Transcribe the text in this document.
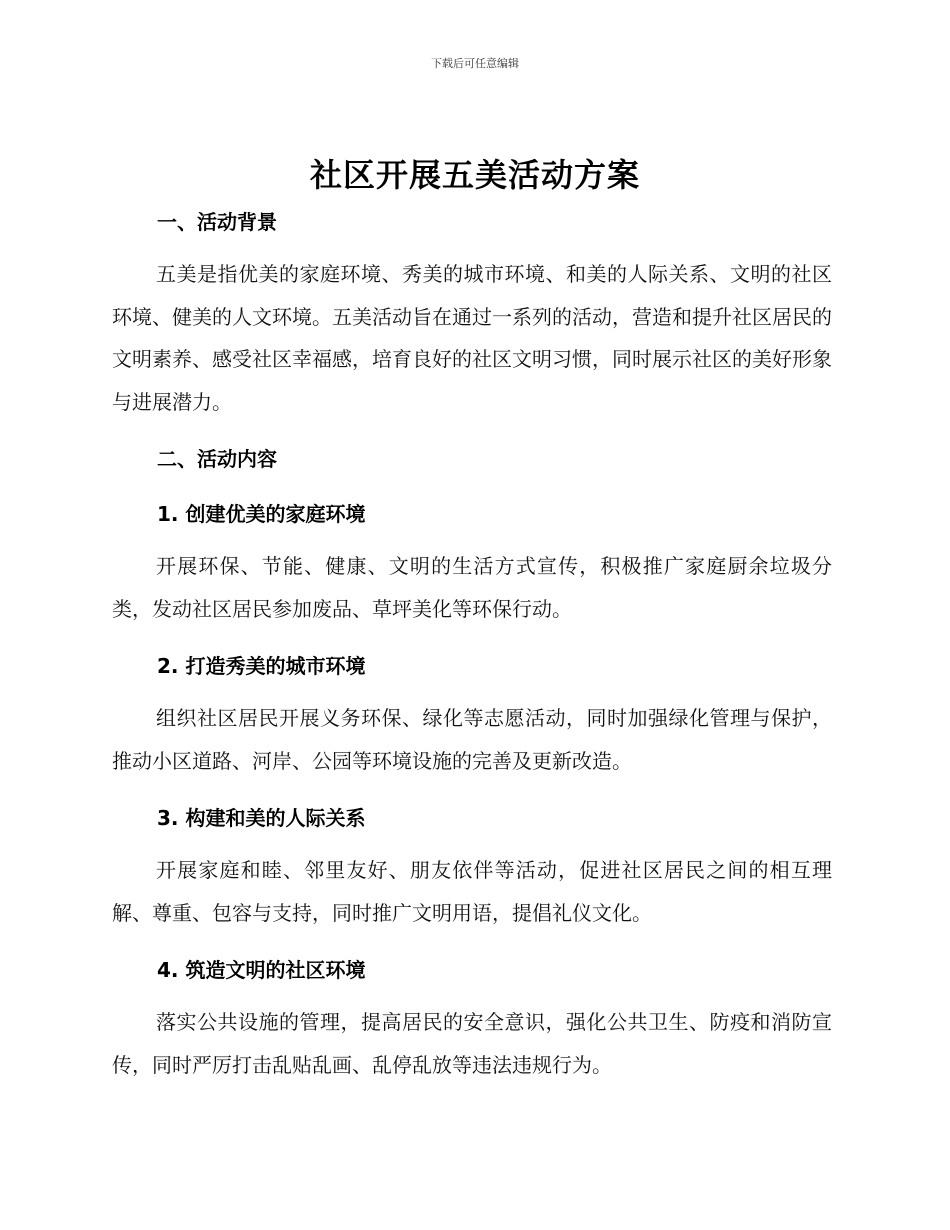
下载后可任意编辑
社区开展五美活动方案
一、活动背景
五美是指优美的家庭环境、秀美的城市环境、和美的人际关系、文明的社区环境、健美的人文环境。五美活动旨在通过一系列的活动，营造和提升社区居民的文明素养、感受社区幸福感，培育良好的社区文明习惯，同时展示社区的美好形象与进展潜力。
二、活动内容
1. 创建优美的家庭环境
开展环保、节能、健康、文明的生活方式宣传，积极推广家庭厨余垃圾分类，发动社区居民参加废品、草坪美化等环保行动。
2. 打造秀美的城市环境
组织社区居民开展义务环保、绿化等志愿活动，同时加强绿化管理与保护，推动小区道路、河岸、公园等环境设施的完善及更新改造。
3. 构建和美的人际关系
开展家庭和睦、邻里友好、朋友依伴等活动，促进社区居民之间的相互理解、尊重、包容与支持，同时推广文明用语，提倡礼仪文化。
4. 筑造文明的社区环境
落实公共设施的管理，提高居民的安全意识，强化公共卫生、防疫和消防宣传，同时严厉打击乱贴乱画、乱停乱放等违法违规行为。
